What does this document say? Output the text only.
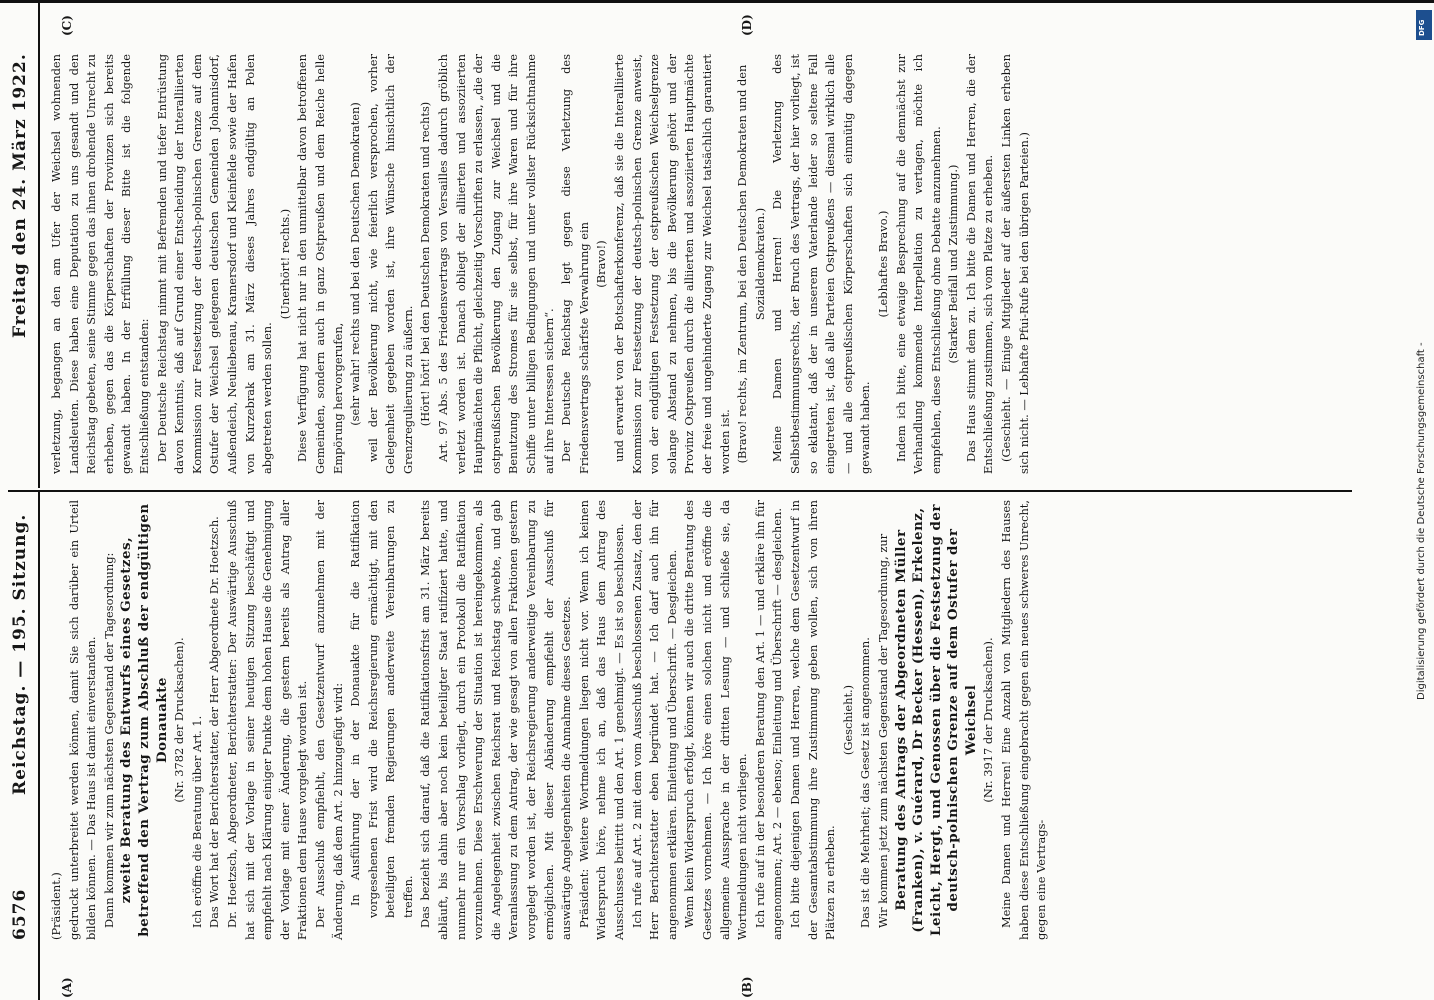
6576
Reichstag. — 195. Sitzung.
(A)	(B)

(Präsident.) gedruckt unterbreitet werden können, damit Sie sich darüber ein Urteil bilden können. — Das Haus ist damit einverstanden. Dann kommen wir zum nächsten Gegenstand der Tagesordnung: zweite Beratung des Entwurfs eines Gesetzes, betreffend den Vertrag zum Abschluß der endgültigen Donauakte (Nr. 3782 der Drucksachen). Ich eröffne die Beratung über Art. 1. Das Wort hat der Berichterstatter, der Herr Abgeordnete Dr. Hoetzsch. Dr. Hoetzsch, Abgeordneter, Berichterstatter: Der Auswärtige Ausschuß hat sich mit der Vorlage in seiner heutigen Sitzung beschäftigt und empfiehlt nach Klärung einiger Punkte dem hohen Hause die Genehmigung der Vorlage mit einer Änderung, die gestern bereits als Antrag aller Fraktionen dem Hause vorgelegt worden ist. Der Ausschuß empfiehlt, den Gesetzentwurf anzunehmen mit der Änderung, daß dem Art. 2 hinzugefügt wird: In Ausführung der in der Donauakte für die Ratifikation vorgesehenen Frist wird die Reichsregierung ermächtigt, mit den beteiligten fremden Regierungen anderweite Vereinbarungen zu treffen. Das bezieht sich darauf, daß die Ratifikationsfrist am 31. März bereits abläuft, bis dahin aber noch kein beteiligter Staat ratifiziert hatte, und nunmehr nur ein Vorschlag vorliegt, durch ein Protokoll die Ratifikation vorzunehmen. Diese Erschwerung der Situation ist hereingekommen, als die Angelegenheit zwischen Reichsrat und Reichstag schwebte, und gab Veranlassung zu dem Antrag, der wie gesagt von allen Fraktionen gestern vorgelegt worden ist, der Reichsregierung anderweitige Vereinbarung zu ermöglichen. Mit dieser Abänderung empfiehlt der Ausschuß für auswärtige Angelegenheiten die Annahme dieses Gesetzes. Präsident: Weitere Wortmeldungen liegen nicht vor. Wenn ich keinen Widerspruch höre, nehme ich an, daß das Haus dem Antrag des Ausschusses beitritt und den Art. 1 genehmigt. — Es ist so beschlossen. Ich rufe auf Art. 2 mit dem vom Ausschuß beschlossenen Zusatz, den der Herr Berichterstatter eben begründet hat. — Ich darf auch ihn für angenommen erklären. Einleitung und Überschrift. — Desgleichen. Wenn kein Widerspruch erfolgt, können wir auch die dritte Beratung des Gesetzes vornehmen. — Ich höre einen solchen nicht und eröffne die allgemeine Aussprache in der dritten Lesung — und schließe sie, da Wortmeldungen nicht vorliegen. Ich rufe auf in der besonderen Beratung den Art. 1 — und erkläre ihn für angenommen; Art. 2 — ebenso; Einleitung und Überschrift — desgleichen. Ich bitte diejenigen Damen und Herren, welche dem Gesetzentwurf in der Gesamtabstimmung ihre Zustimmung geben wollen, sich von ihren Plätzen zu erheben.

(Geschieht.) Das ist die Mehrheit; das Gesetz ist angenommen. Wir kommen jetzt zum nächsten Gegenstand der Tagesordnung, zur Beratung des Antrags der Abgeordneten Müller (Franken), v. Guérard, Dr Becker (Hessen), Erkelenz, Leicht, Hergt, und Genossen über die Festsetzung der deutsch-polnischen Grenze auf dem Ostufer der Weichsel (Nr. 3917 der Drucksachen). Meine Damen und Herren! Eine Anzahl von Mitgliedern des Hauses haben diese Entschließung eingebracht gegen ein neues schweres Unrecht, gegen eine Vertrags-

Freitag den 24. März 1922.
(C)	(D)

verletzung, begangen an den am Ufer der Weichsel wohnenden Landsleuten. Diese haben eine Deputation zu uns gesandt und den Reichstag gebeten, seine Stimme gegen das ihnen drohende Unrecht zu erheben, gegen das die Körperschaften der Provinzen sich bereits gewandt haben. In der Erfüllung dieser Bitte ist die folgende Entschließung entstanden: Der Deutsche Reichstag nimmt mit Befremden und tiefer Entrüstung davon Kenntnis, daß auf Grund einer Entscheidung der Interalliierten Kommission zur Festsetzung der deutsch-polnischen Grenze auf dem Ostufer der Weichsel gelegenen deutschen Gemeinden Johannisdorf, Außendeich, Neuliebenau, Kramersdorf und Kleinfelde sowie der Hafen von Kurzebrak am 31. März dieses Jahres endgültig an Polen abgetreten werden sollen.

(Unerhört! rechts.) Diese Verfügung hat nicht nur in den unmittelbar davon betroffenen Gemeinden, sondern auch in ganz Ostpreußen und dem Reiche helle Empörung hervorgerufen, (sehr wahr! rechts und bei den Deutschen Demokraten) weil der Bevölkerung nicht, wie feierlich versprochen, vorher Gelegenheit gegeben worden ist, ihre Wünsche hinsichtlich der Grenzregulierung zu äußern. (Hört! hört! bei den Deutschen Demokraten und rechts) Art. 97 Abs. 5 des Friedensvertrags von Versailles dadurch gröblich verletzt worden ist. Danach obliegt der alliierten und assoziierten Hauptmächten die Pflicht, gleichzeitig Vorschriften zu erlassen, „die der ostpreußischen Bevölkerung den Zugang zur Weichsel und die Benutzung des Stromes für sie selbst, für ihre Waren und für ihre Schiffe unter billigen Bedingungen und unter vollster Rücksichtnahme auf ihre Interessen sichern“. Der Deutsche Reichstag legt gegen diese Verletzung des Friedensvertrags schärfste Verwahrung ein (Bravo!) und erwartet von der Botschafterkonferenz, daß sie die Interalliierte Kommission zur Festsetzung der deutsch-polnischen Grenze anweist, von der endgültigen Festsetzung der ostpreußischen Weichselgrenze solange Abstand zu nehmen, bis die Bevölkerung gehört und der Provinz Ostpreußen durch die alliierten und assoziierten Hauptmächte der freie und ungehinderte Zugang zur Weichsel tatsächlich garantiert worden ist. (Bravo! rechts, im Zentrum, bei den Deutschen Demokraten und den Sozialdemokraten.) Meine Damen und Herren! Die Verletzung des Selbstbestimmungsrechts, der Bruch des Vertrags, der hier vorliegt, ist so eklatant, daß der in unserem Vaterlande leider so seltene Fall eingetreten ist, daß alle Parteien Ostpreußens — diesmal wirklich alle — und alle ostpreußischen Körperschaften sich einmütig dagegen gewandt haben.

(Lebhaftes Bravo.) Indem ich bitte, eine etwaige Besprechung auf die demnächst zur Verhandlung kommende Interpellation zu vertagen, möchte ich empfehlen, diese Entschließung ohne Debatte anzunehmen. (Starker Beifall und Zustimmung.) Das Haus stimmt dem zu. Ich bitte die Damen und Herren, die der Entschließung zustimmen, sich vom Platze zu erheben. (Geschieht. — Einige Mitglieder auf der äußersten Linken erheben sich nicht. — Lebhafte Pfui-Rufe bei den übrigen Parteien.)

DFG
Digitalisierung gefördert durch die Deutsche Forschungsgemeinschaft -
